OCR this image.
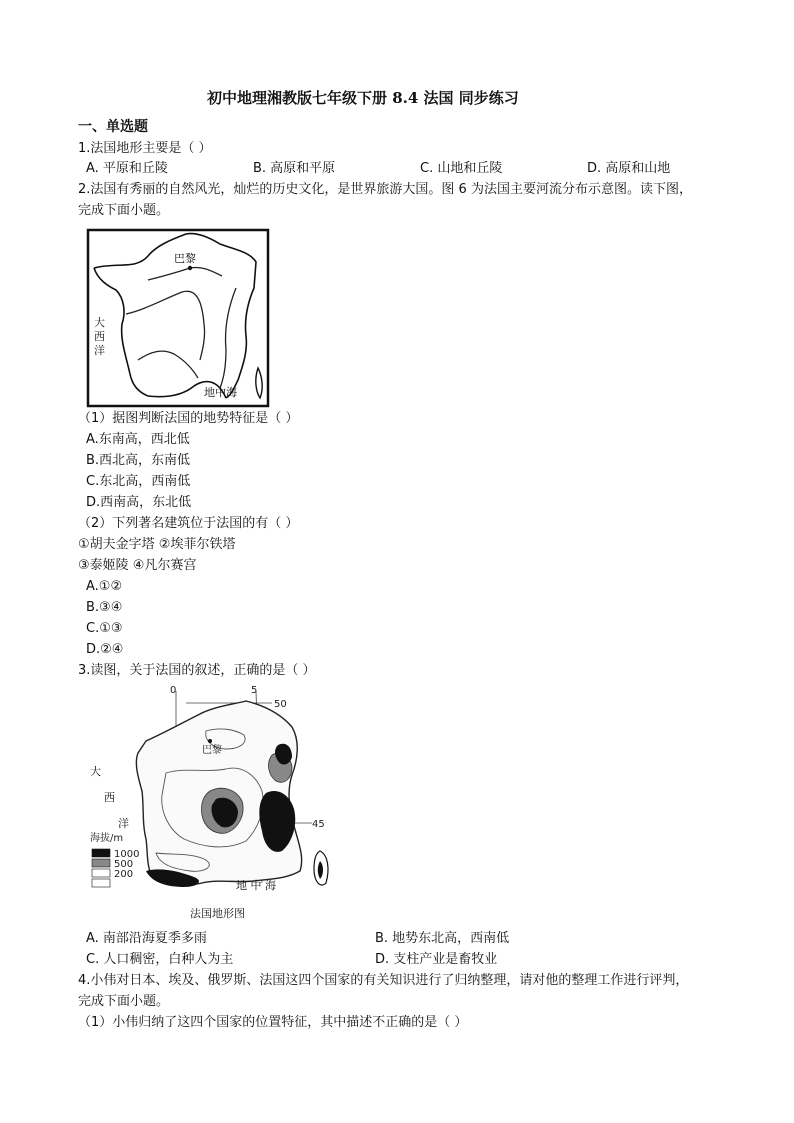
初中地理湘教版七年级下册 8.4 法国 同步练习
一、单选题
1.法国地形主要是（ ）
A. 平原和丘陵	B. 高原和平原	C. 山地和丘陵	D. 高原和山地
2.法国有秀丽的自然风光，灿烂的历史文化，是世界旅游大国。图 6 为法国主要河流分布示意图。读下图，
完成下面小题。
巴黎
大
西
洋
地中海
（1）据图判断法国的地势特征是（ ）
A.东南高，西北低
B.西北高，东南低
C.东北高，西南低
D.西南高，东北低
（2）下列著名建筑位于法国的有（ ）
①胡夫金字塔 ②埃菲尔铁塔
③泰姬陵 ④凡尔赛宫
A.①②
B.③④
C.①③
D.②④
3.读图，关于法国的叙述，正确的是（ ）
0	5
50
45
巴黎
大
西
洋
地 中 海
海拔/m
1000
500
200
法国地形图
A. 南部沿海夏季多雨	B. 地势东北高，西南低
C. 人口稠密，白种人为主	D. 支柱产业是畜牧业
4.小伟对日本、埃及、俄罗斯、法国这四个国家的有关知识进行了归纳整理，请对他的整理工作进行评判，
完成下面小题。
（1）小伟归纳了这四个国家的位置特征，其中描述不正确的是（ ）
